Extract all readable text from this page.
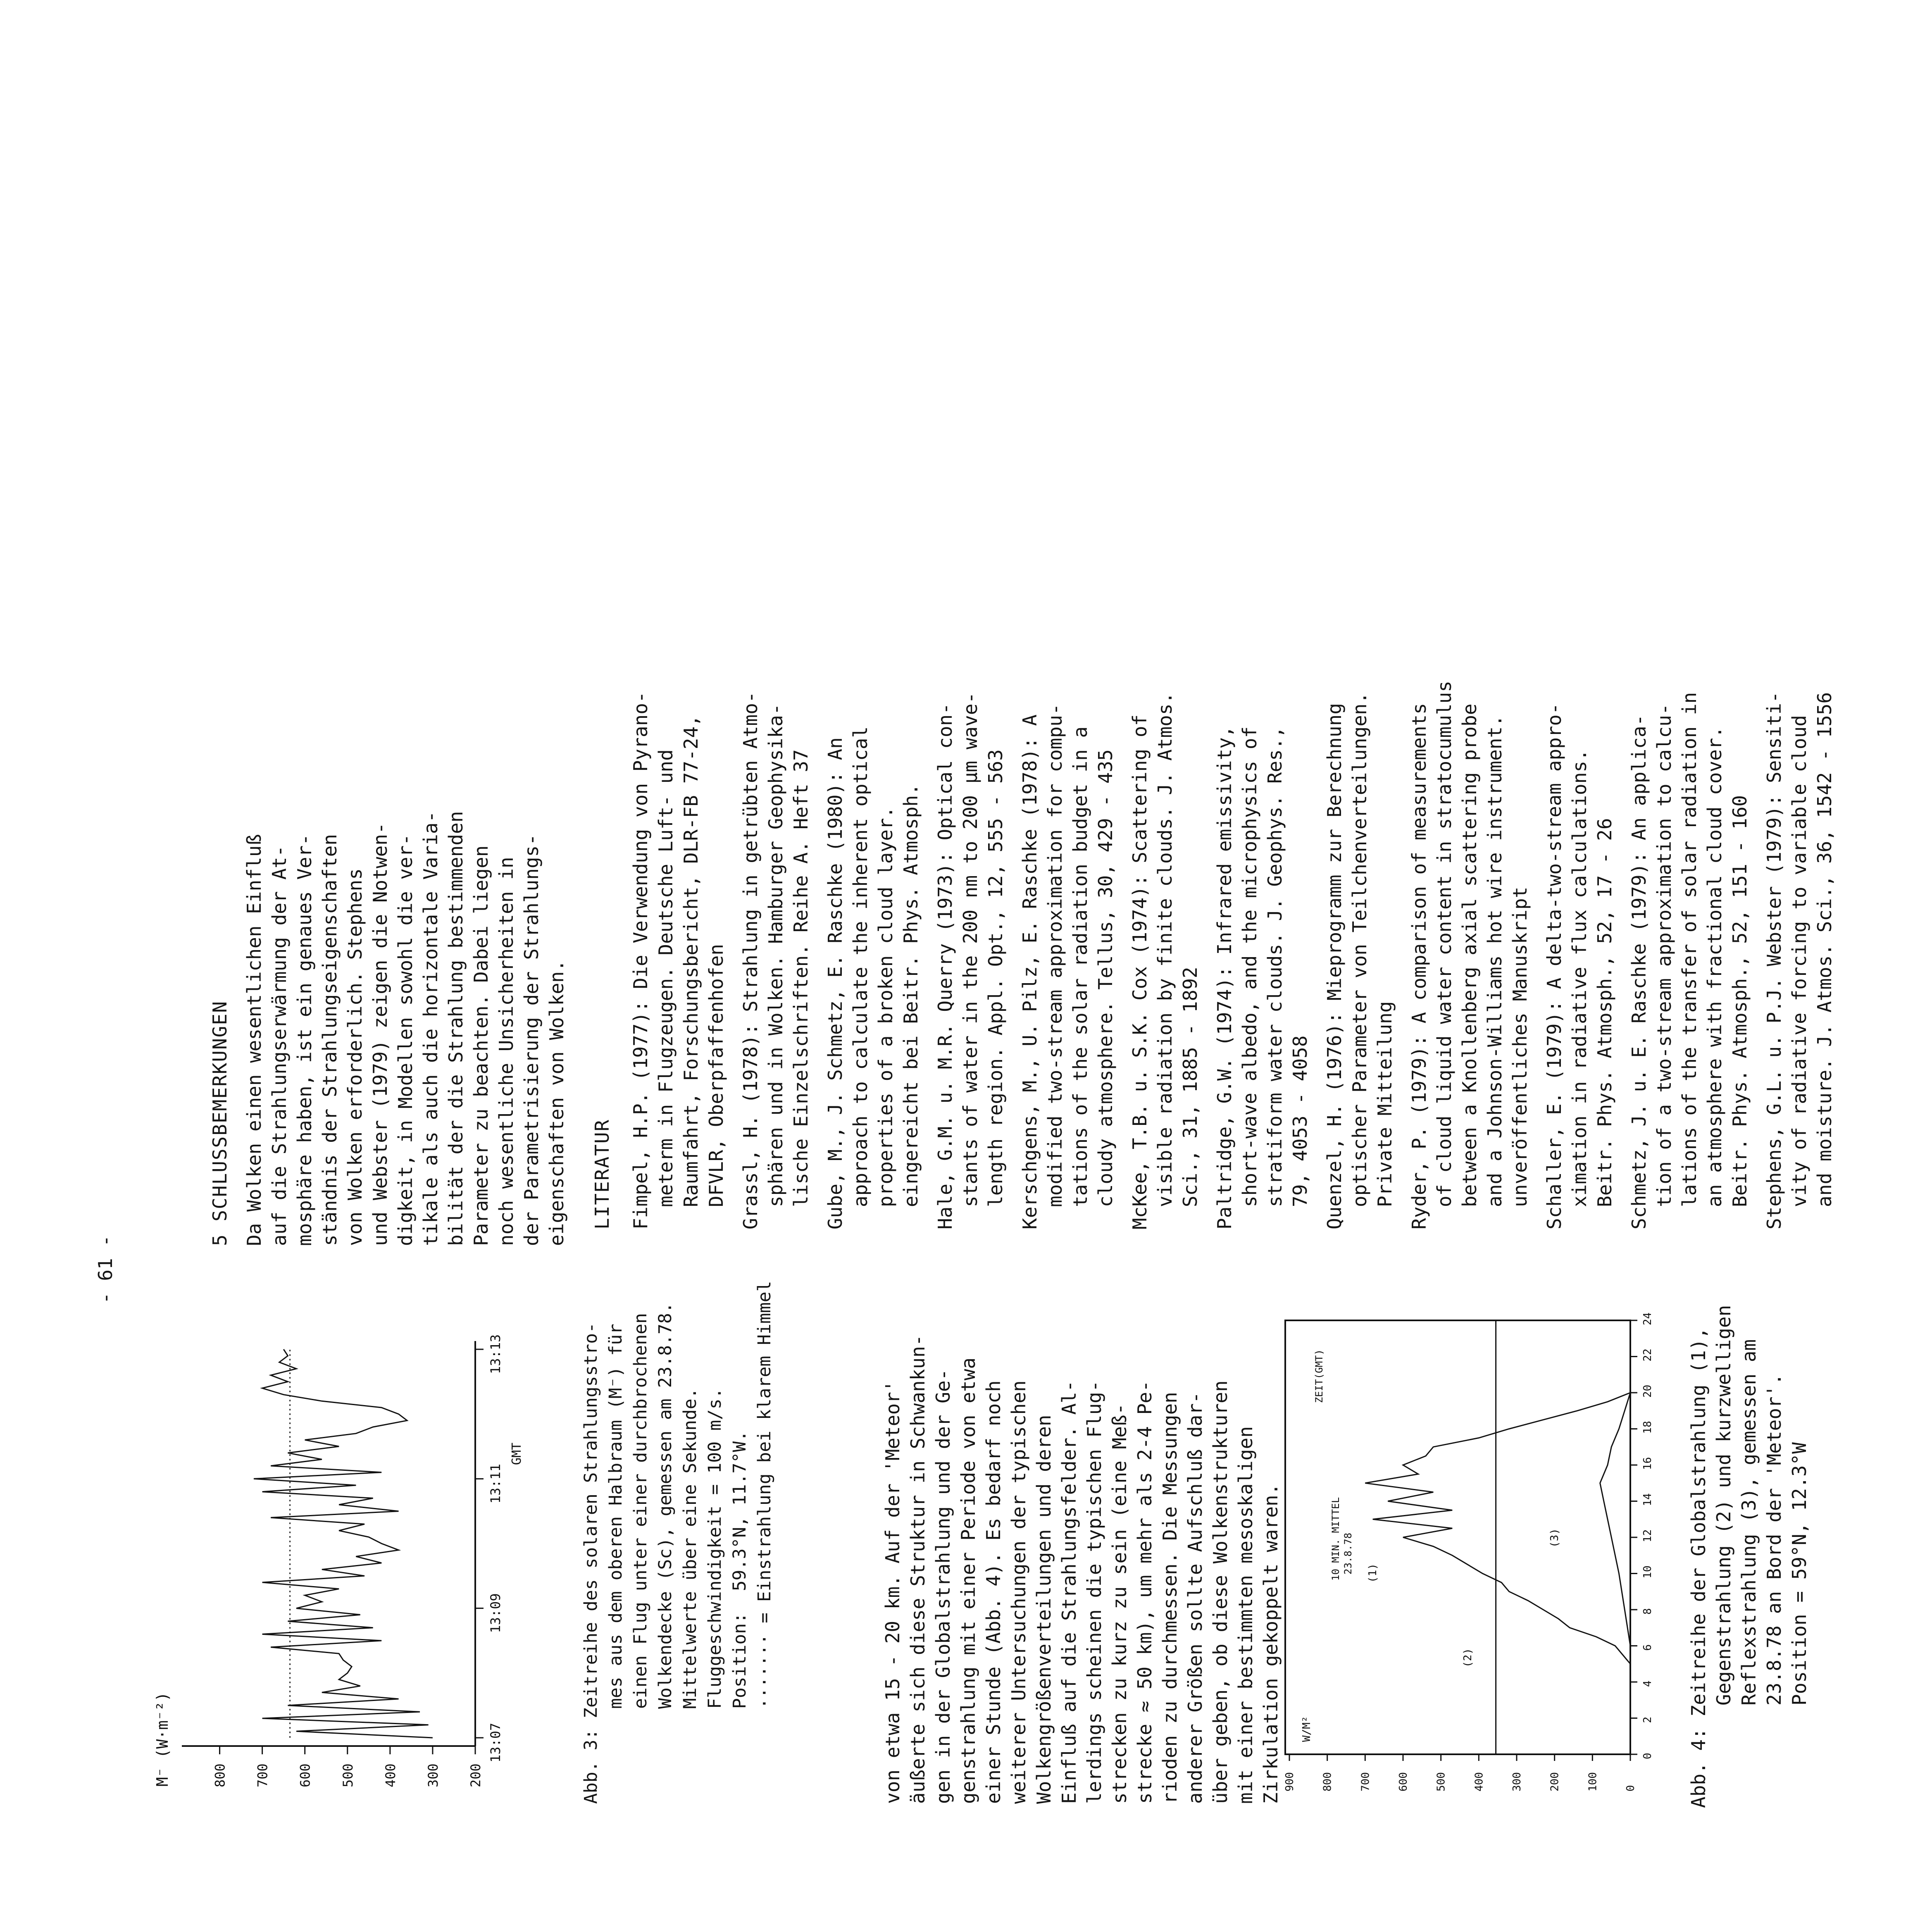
- 61 -
M⁻ (W·m⁻²)	800 700 600 500 400 300 200
13:07
13:09
13:11
13:13
GMT	Abb. 3: Zeitreihe des solaren Strahlungsstro- mes aus dem oberen Halbraum (M⁻) für einen Flug unter einer durchbrochenen Wolkendecke (Sc), gemessen am 23.8.78. Mittelwerte über eine Sekunde. Fluggeschwindigkeit = 100 m/s. Position:  59.3°N, 11.7°W. ······· = Einstrahlung bei klarem Himmel	von etwa 15 - 20 km. Auf der 'Meteor' äußerte sich diese Struktur in Schwankun- gen in der Globalstrahlung und der Ge- genstrahlung mit einer Periode von etwa einer Stunde (Abb. 4). Es bedarf noch weiterer Untersuchungen der typischen Wolkengrößenverteilungen und deren Einfluß auf die Strahlungsfelder. Al- lerdings scheinen die typischen Flug- strecken zu kurz zu sein (eine Meß- strecke ≈ 50 km), um mehr als 2-4 Pe- rioden zu durchmessen. Die Messungen anderer Größen sollte Aufschluß dar- über geben, ob diese Wolkenstrukturen mit einer bestimmten mesoskaligen Zirkulation gekoppelt waren. W/M²
10 MIN. MITTEL 23.8.78
900 800 700 600 500 400 300 200 100 0
0
2
4
6
8
10
12
14
16
18
20
22
24
(1)
(2)
(3)
ZEIT(GMT)	Abb. 4: Zeitreihe der Globalstrahlung (1), Gegenstrahlung (2) und kurzwelligen Reflexstrahlung (3), gemessen am 23.8.78 an Bord der 'Meteor'. Position = 59°N, 12.3°W
5 SCHLUSSBEMERKUNGEN Da Wolken einen wesentlichen Einfluß auf die Strahlungserwärmung der At- mosphäre haben, ist ein genaues Ver- ständnis der Strahlungseigenschaften von Wolken erforderlich. Stephens und Webster (1979) zeigen die Notwen- digkeit, in Modellen sowohl die ver- tikale als auch die horizontale Varia- bilität der die Strahlung bestimmenden Parameter zu beachten. Dabei liegen noch wesentliche Unsicherheiten in der Parametrisierung der Strahlungs- eigenschaften von Wolken. LITERATUR Fimpel, H.P. (1977): Die Verwendung von Pyrano- meterm in Flugzeugen. Deutsche Luft- und Raumfahrt, Forschungsbericht, DLR-FB 77-24, DFVLR, Oberpfaffenhofen Grassl, H. (1978): Strahlung in getrübten Atmo- sphären und in Wolken. Hamburger Geophysika- lische Einzelschriften. Reihe A. Heft 37 Gube, M., J. Schmetz, E. Raschke (1980): An approach to calculate the inherent optical properties of a broken cloud layer. eingereicht bei Beitr. Phys. Atmosph. Hale, G.M. u. M.R. Querry (1973): Optical con- stants of water in the 200 nm to 200 µm wave- length region. Appl. Opt., 12, 555 - 563 Kerschgens, M., U. Pilz, E. Raschke (1978): A modified two-stream approximation for compu- tations of the solar radiation budget in a cloudy atmosphere. Tellus, 30, 429 - 435 McKee, T.B. u. S.K. Cox (1974): Scattering of visible radiation by finite clouds. J. Atmos. Sci., 31, 1885 - 1892 Paltridge, G.W. (1974): Infrared emissivity, short-wave albedo, and the microphysics of stratiform water clouds. J. Geophys. Res., 79, 4053 - 4058 Quenzel, H. (1976): Mieprogramm zur Berechnung optischer Parameter von Teilchenverteilungen. Private Mitteilung Ryder, P. (1979): A comparison of measurements of cloud liquid water content in stratocumulus between a Knollenberg axial scattering probe and a Johnson-Williams hot wire instrument. unveröffentliches Manuskript Schaller, E. (1979): A delta-two-stream appro- ximation in radiative flux calculations. Beitr. Phys. Atmosph., 52, 17 - 26 Schmetz, J. u. E. Raschke (1979): An applica- tion of a two-stream approximation to calcu- lations of the transfer of solar radiation in an atmosphere with fractional cloud cover. Beitr. Phys. Atmosph., 52, 151 - 160 Stephens, G.L. u. P.J. Webster (1979): Sensiti- vity of radiative forcing to variable cloud and moisture. J. Atmos. Sci., 36, 1542 - 1556
